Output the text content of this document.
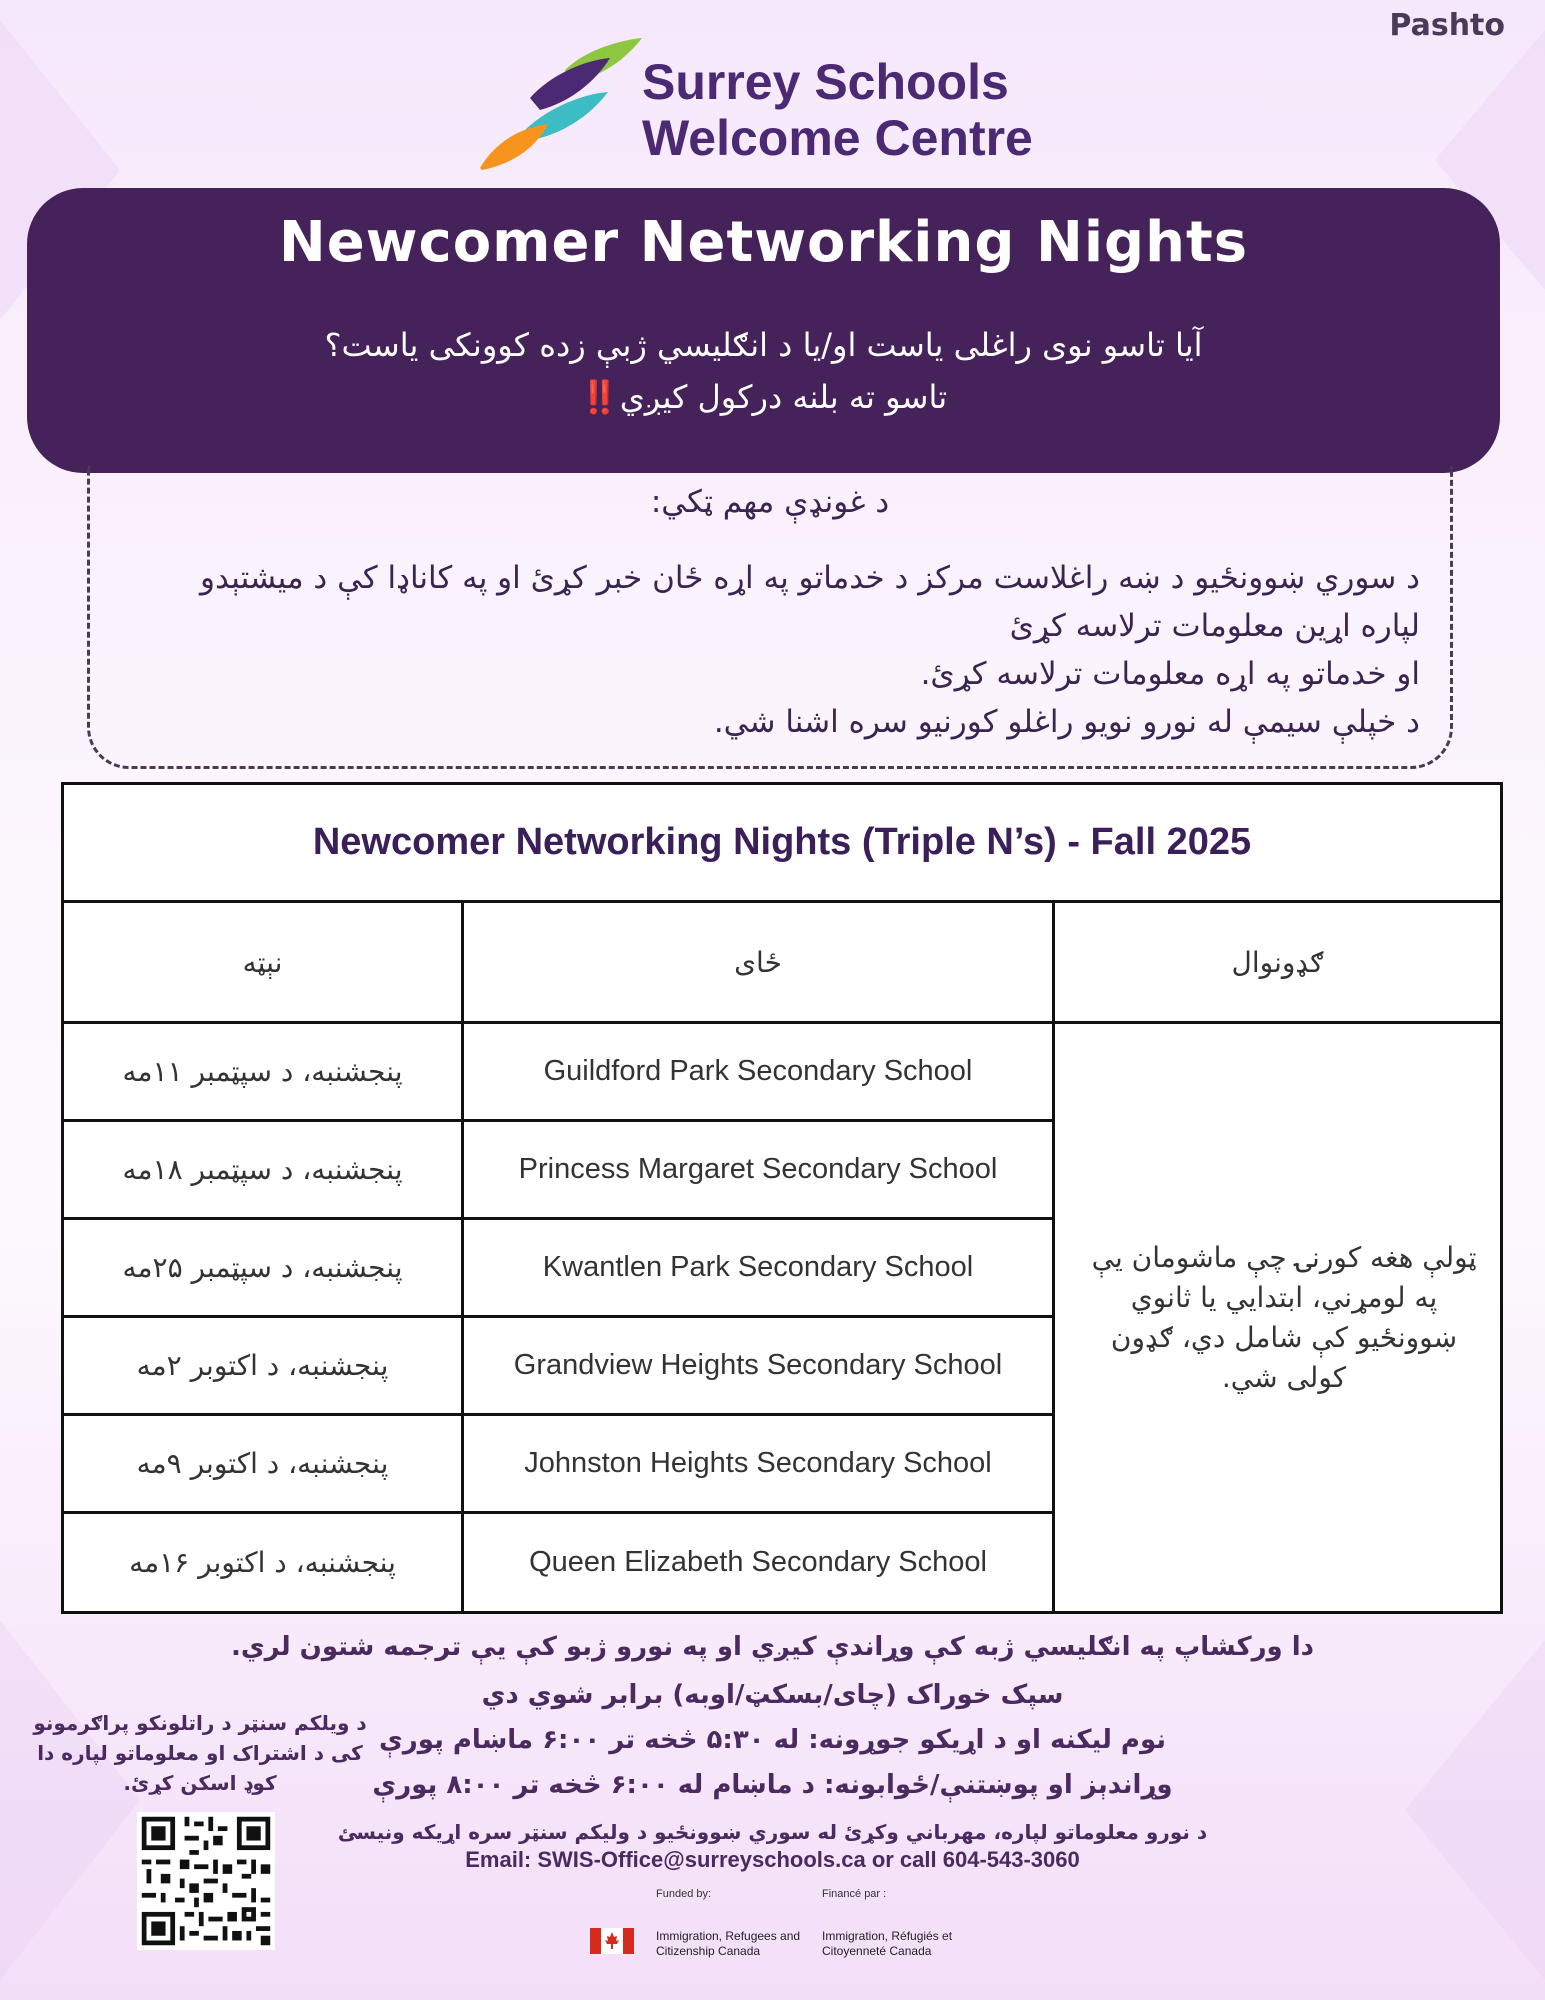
Pashto
Surrey Schools
Welcome Centre
Newcomer Networking Nights
آیا تاسو نوی راغلی یاست او/یا د انګلیسي ژبې زده کوونکی یاست؟
تاسو ته بلنه درکول کیږي‼️
د غونډې مهم ټکي:
د سوري ښوونځیو د ښه راغلاست مرکز د خدماتو په اړه ځان خبر کړئ او په کاناډا کې د میشتېدو
لپاره اړین معلومات ترلاسه کړئ
او خدماتو په اړه معلومات ترلاسه کړئ.
د خپلې سیمې له نورو نویو راغلو کورنیو سره اشنا شي.
Newcomer Networking Nights (Triple N’s) - Fall 2025
نېټه	ځای	ګډونوال
پنجشنبه، د سپټمبر ۱۱مه	Guildford Park Secondary School
پنجشنبه، د سپټمبر ۱۸مه	Princess Margaret Secondary School
پنجشنبه، د سپټمبر ۲۵مه	Kwantlen Park Secondary School
پنجشنبه، د اکتوبر ۲مه	Grandview Heights Secondary School
پنجشنبه، د اکتوبر ۹مه	Johnston Heights Secondary School
پنجشنبه، د اکتوبر ۱۶مه	Queen Elizabeth Secondary School
ټولې هغه کورنۍ چې ماشومان يې په لومړني، ابتدايي یا ثانوي ښوونځیو کې شامل دي، ګډون کولی شي.
دا ورکشاپ په انګلیسي ژبه کې وړاندې کیږي او په نورو ژبو کې یې ترجمه شتون لري.
سپک خوراک (چای/بسکټ/اوبه) برابر شوي دي
نوم لیکنه او د اړیکو جوړونه: له ۵:۳۰ څخه تر ۶:۰۰ ماښام پورې
وړاندېز او پوښتنې/ځوابونه: د ماښام له ۶:۰۰ څخه تر ۸:۰۰ پورې
د نورو معلوماتو لپاره، مهرباني وکړئ له سوري ښوونځیو د ولیکم سنټر سره اړیکه ونیسئ
Email: SWIS-Office@surreyschools.ca or call 604-543-3060
د ویلکم سنټر د راتلونکو پراګرمونو کی د اشتراک او معلوماتو لپاره دا کوډ اسکن کړئ.
Funded by:	Financé par :
Immigration, Refugees and Citizenship Canada
Immigration, Réfugiés et Citoyenneté Canada
